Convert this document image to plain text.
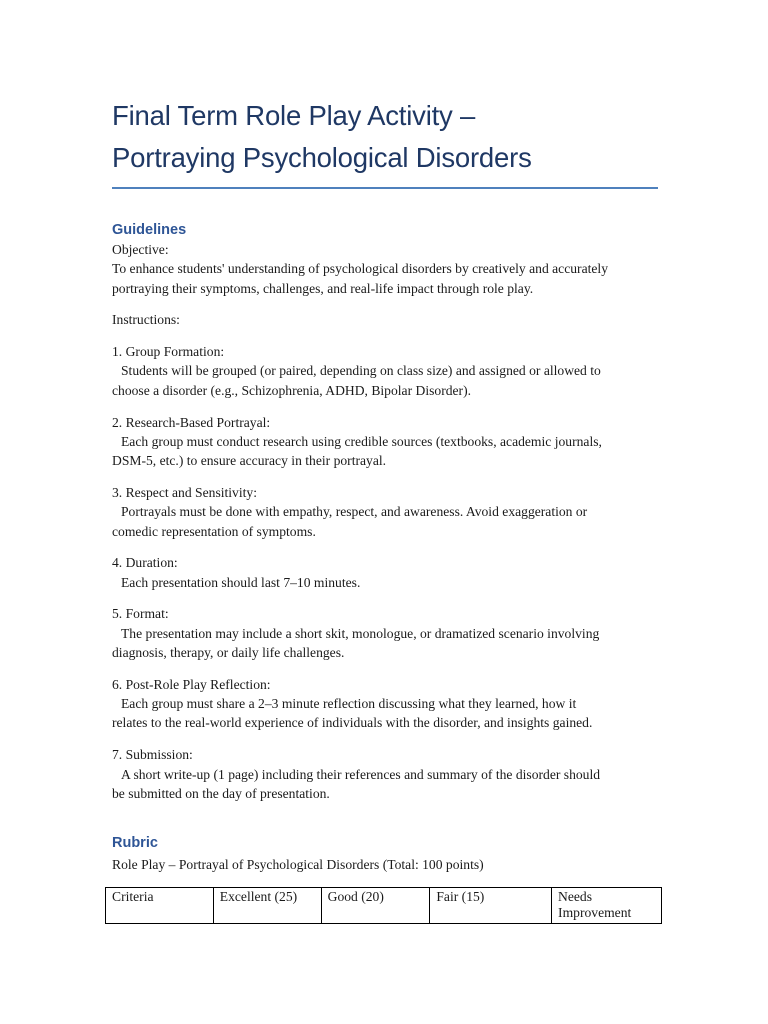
Final Term Role Play Activity –
Portraying Psychological Disorders
Guidelines
Objective:
To enhance students' understanding of psychological disorders by creatively and accurately portraying their symptoms, challenges, and real-life impact through role play.
Instructions:
1. Group Formation:
Students will be grouped (or paired, depending on class size) and assigned or allowed to
choose a disorder (e.g., Schizophrenia, ADHD, Bipolar Disorder).
2. Research-Based Portrayal:
Each group must conduct research using credible sources (textbooks, academic journals,
DSM-5, etc.) to ensure accuracy in their portrayal.
3. Respect and Sensitivity:
Portrayals must be done with empathy, respect, and awareness. Avoid exaggeration or
comedic representation of symptoms.
4. Duration:
Each presentation should last 7–10 minutes.
5. Format:
The presentation may include a short skit, monologue, or dramatized scenario involving
diagnosis, therapy, or daily life challenges.
6. Post-Role Play Reflection:
Each group must share a 2–3 minute reflection discussing what they learned, how it
relates to the real-world experience of individuals with the disorder, and insights gained.
7. Submission:
A short write-up (1 page) including their references and summary of the disorder should
be submitted on the day of presentation.
Rubric
Role Play – Portrayal of Psychological Disorders (Total: 100 points)
Criteria	Excellent (25)	Good (20)	Fair (15)	Needs Improvement
